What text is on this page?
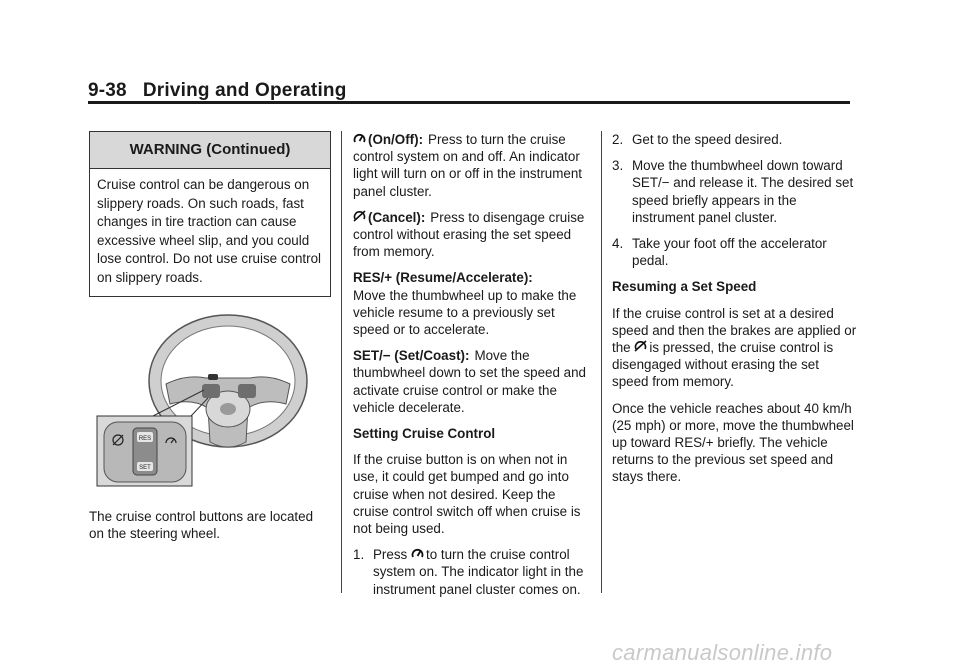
9-38 Driving and Operating
WARNING (Continued)
Cruise control can be dangerous on slippery roads. On such roads, fast changes in tire traction can cause excessive wheel slip, and you could lose control. Do not use cruise control on slippery roads.
RES
SET
The cruise control buttons are located on the steering wheel.

(On/Off): Press to turn the cruise control system on and off. An indicator light will turn on or off in the instrument panel cluster.

(Cancel): Press to disengage cruise control without erasing the set speed from memory.

RES/+ (Resume/Accelerate):
Move the thumbwheel up to make the vehicle resume to a previously set speed or to accelerate.

SET/− (Set/Coast): Move the thumbwheel down to set the speed and activate cruise control or make the vehicle decelerate.

Setting Cruise Control

If the cruise button is on when not in use, it could get bumped and go into cruise when not desired. Keep the cruise control switch off when cruise is not being used.

1. Press to turn the cruise control system on. The indicator light in the instrument panel cluster comes on.
2. Get to the speed desired.
3. Move the thumbwheel down toward SET/− and release it. The desired set speed briefly appears in the instrument panel cluster.
4. Take your foot off the accelerator pedal.

Resuming a Set Speed

If the cruise control is set at a desired speed and then the brakes are applied or the is pressed, the cruise control is disengaged without erasing the set speed from memory.

Once the vehicle reaches about 40 km/h (25 mph) or more, move the thumbwheel up toward RES/+ briefly. The vehicle returns to the previous set speed and stays there.

carmanualsonline.info
